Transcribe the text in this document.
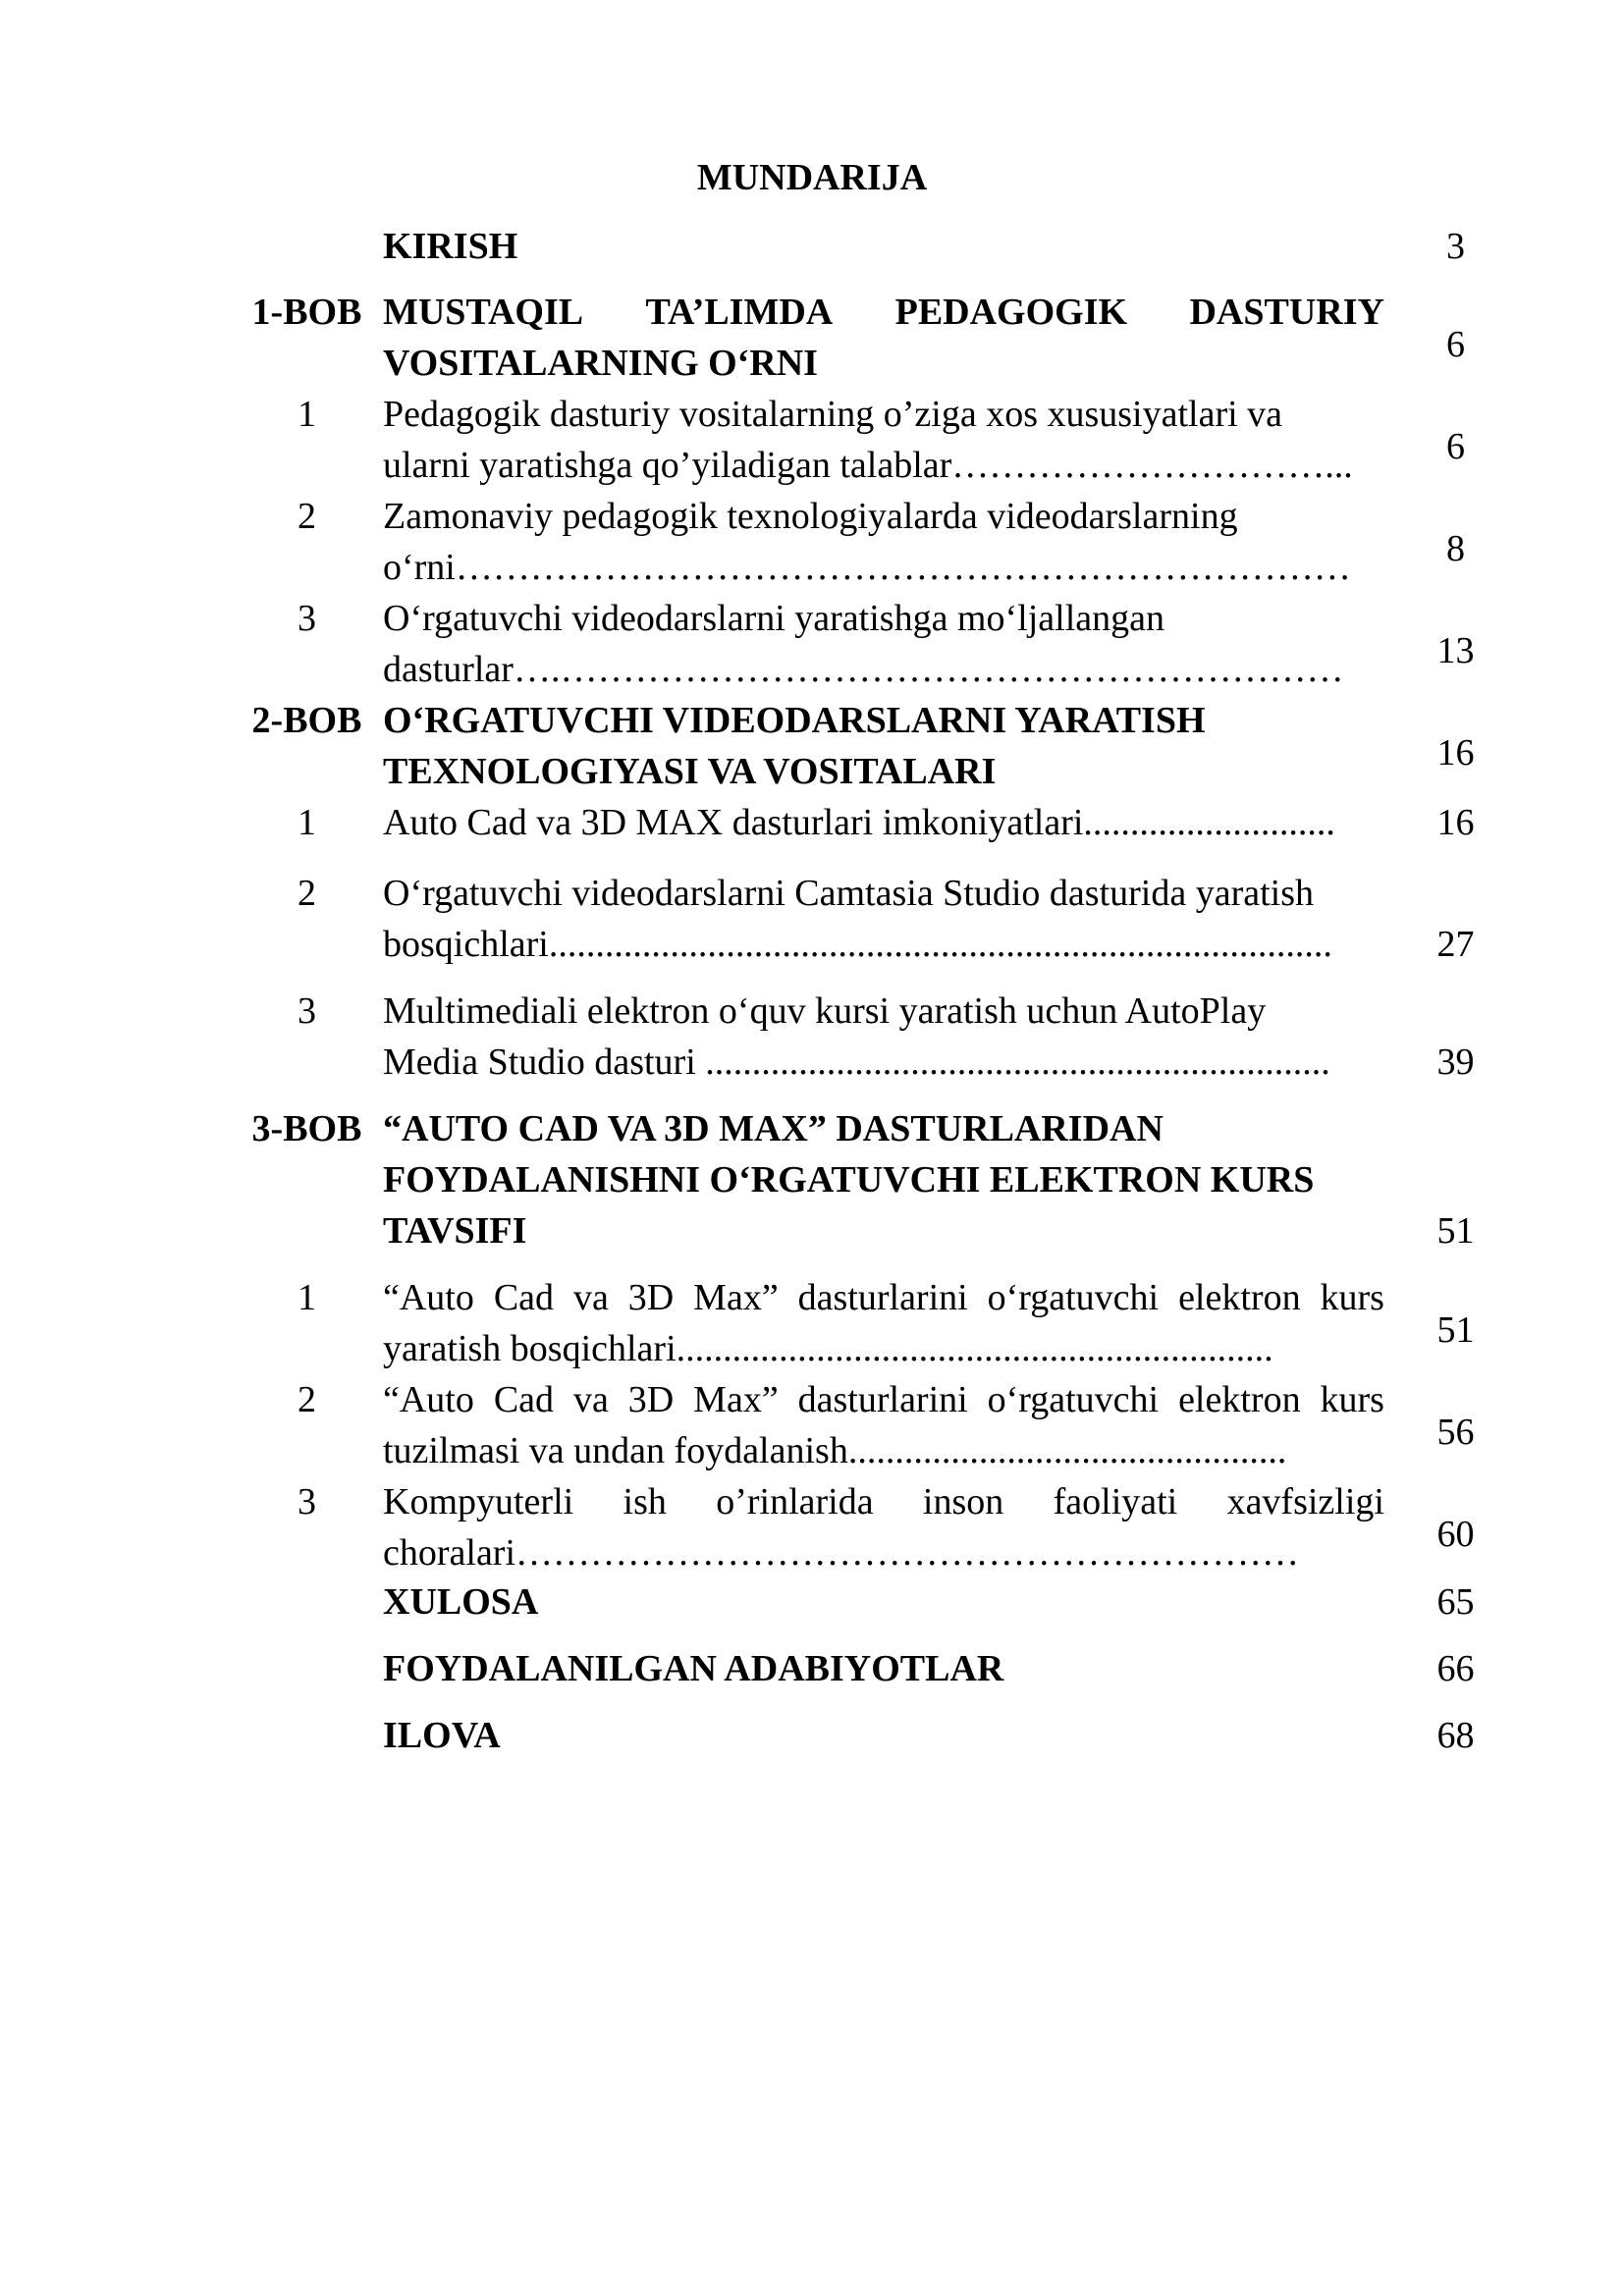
MUNDARIJA
KIRISH	3
1-BOB MUSTAQIL TA’LIMDA PEDAGOGIK DASTURIY
VOSITALARNING O‘RNI	6
1	Pedagogik dasturiy vositalarning o’ziga xos xususiyatlari va
ularni yaratishga qo’yiladigan talablar…………………………...	6
2	Zamonaviy pedagogik texnologiyalarda videodarslarning
o‘rni………………………………………………………………	8
3	O‘rgatuvchi videodarslarni yaratishga mo‘ljallangan
dasturlar….………………………………………………………	13
2-BOB O‘RGATUVCHI VIDEODARSLARNI YARATISH
TEXNOLOGIYASI VA VOSITALARI	16
1	Auto Cad va 3D MAX dasturlari imkoniyatlari...........................	16
2	O‘rgatuvchi videodarslarni Camtasia Studio dasturida yaratish
bosqichlari....................................................................................	27
3	Multimediali elektron o‘quv kursi yaratish uchun AutoPlay
Media Studio dasturi ...................................................................	39
3-BOB “AUTO CAD VA 3D MAX” DASTURLARIDAN
FOYDALANISHNI O‘RGATUVCHI ELEKTRON KURS
TAVSIFI	51
1	“Auto Cad va 3D Max” dasturlarini o‘rgatuvchi elektron kurs
yaratish bosqichlari................................................................	51
2	“Auto Cad va 3D Max” dasturlarini o‘rgatuvchi elektron kurs
tuzilmasi va undan foydalanish...............................................	56
3	Kompyuterli ish o’rinlarida inson faoliyati xavfsizligi
choralari………………………………………………………	60
XULOSA	65
FOYDALANILGAN ADABIYOTLAR	66
ILOVA	68
